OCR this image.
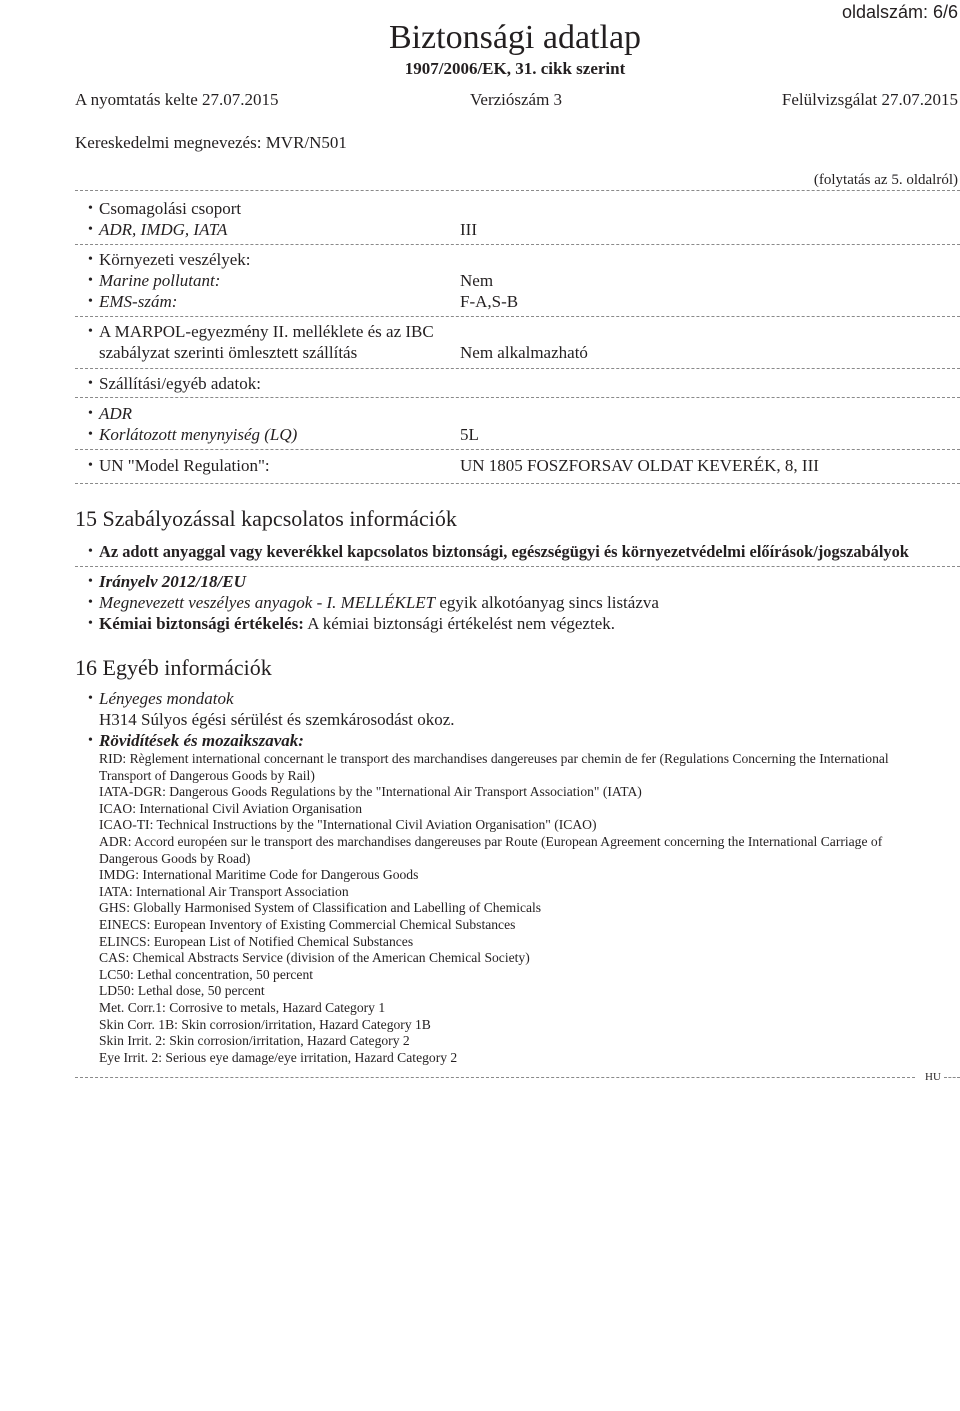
oldalszám: 6/6
Biztonsági adatlap
1907/2006/EK, 31. cikk szerint
A nyomtatás kelte 27.07.2015	Verziószám 3	Felülvizsgálat 27.07.2015
Kereskedelmi megnevezés: MVR/N501
(folytatás az 5. oldalról)
• Csomagolási csoport
• ADR, IMDG, IATA	III
• Környezeti veszélyek:
• Marine pollutant:	Nem
• EMS-szám:	F-A,S-B
• A MARPOL-egyezmény II. melléklete és az IBC
szabályzat szerinti ömlesztett szállítás	Nem alkalmazható
• Szállítási/egyéb adatok:
• ADR
• Korlátozott menynyiség (LQ)	5L
• UN "Model Regulation":	UN 1805 FOSZFORSAV OLDAT KEVERÉK, 8, III
15 Szabályozással kapcsolatos információk
• Az adott anyaggal vagy keverékkel kapcsolatos biztonsági, egészségügyi és környezetvédelmi előírások/jogszabályok
• Irányelv 2012/18/EU
• Megnevezett veszélyes anyagok - I. MELLÉKLET egyik alkotóanyag sincs listázva
• Kémiai biztonsági értékelés: A kémiai biztonsági értékelést nem végeztek.
16 Egyéb információk
• Lényeges mondatok
H314 Súlyos égési sérülést és szemkárosodást okoz.
• Rövidítések és mozaikszavak:
RID: Règlement international concernant le transport des marchandises dangereuses par chemin de fer (Regulations Concerning the International Transport of Dangerous Goods by Rail)
IATA-DGR: Dangerous Goods Regulations by the "International Air Transport Association" (IATA)
ICAO: International Civil Aviation Organisation
ICAO-TI: Technical Instructions by the "International Civil Aviation Organisation" (ICAO)
ADR: Accord européen sur le transport des marchandises dangereuses par Route (European Agreement concerning the International Carriage of Dangerous Goods by Road)
IMDG: International Maritime Code for Dangerous Goods
IATA: International Air Transport Association
GHS: Globally Harmonised System of Classification and Labelling of Chemicals
EINECS: European Inventory of Existing Commercial Chemical Substances
ELINCS: European List of Notified Chemical Substances
CAS: Chemical Abstracts Service (division of the American Chemical Society)
LC50: Lethal concentration, 50 percent
LD50: Lethal dose, 50 percent
Met. Corr.1: Corrosive to metals, Hazard Category 1
Skin Corr. 1B: Skin corrosion/irritation, Hazard Category 1B
Skin Irrit. 2: Skin corrosion/irritation, Hazard Category 2
Eye Irrit. 2: Serious eye damage/eye irritation, Hazard Category 2
HU
